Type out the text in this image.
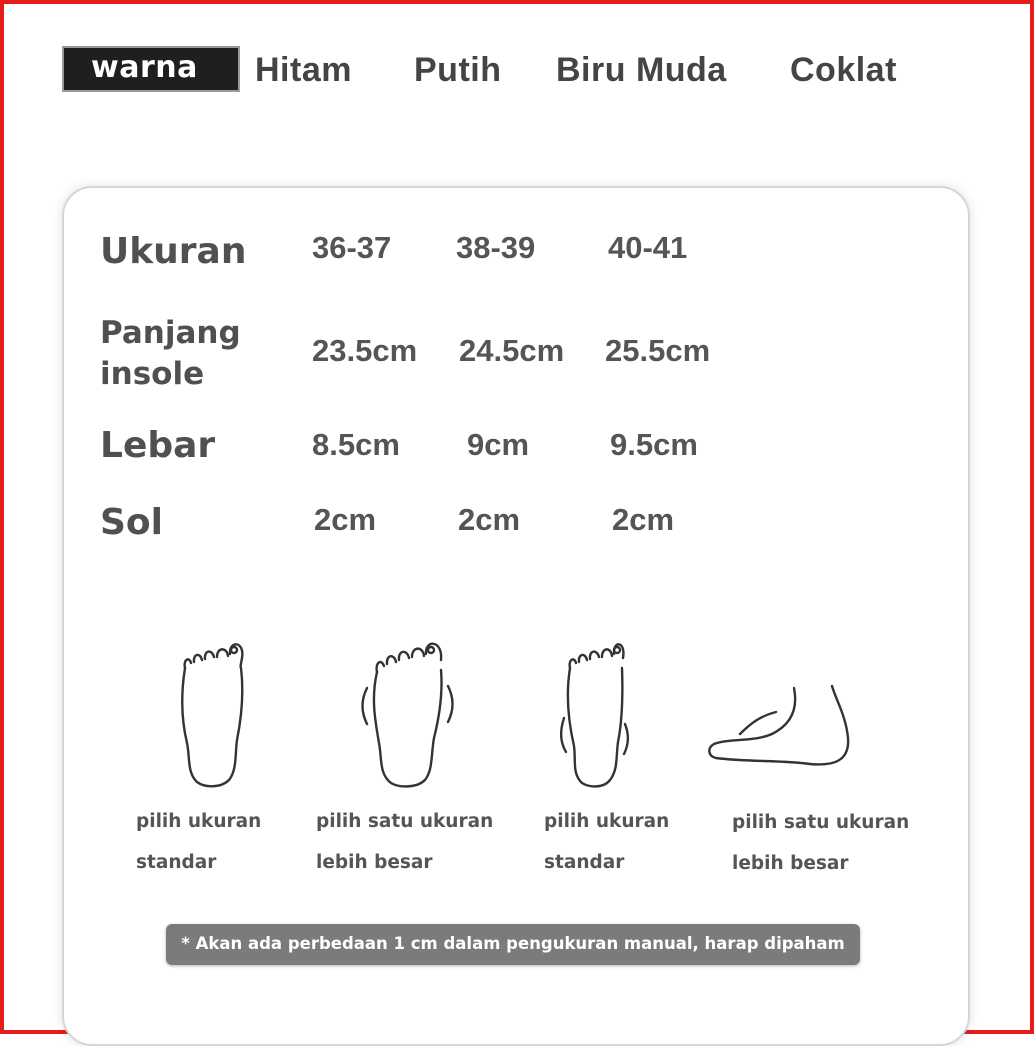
warna	Hitam Putih Biru Muda Coklat
Ukuran 36-37 38-39 40-41
Panjang
insole
23.5cm 24.5cm 25.5cm
Lebar	8.5cm 9cm	9.5cm
Sol	2cm	2cm	2cm
pilih ukuran
standar
pilih satu ukuran
lebih besar
pilih ukuran
standar
pilih satu ukuran
lebih besar
* Akan ada perbedaan 1 cm dalam pengukuran manual, harap dipaham
